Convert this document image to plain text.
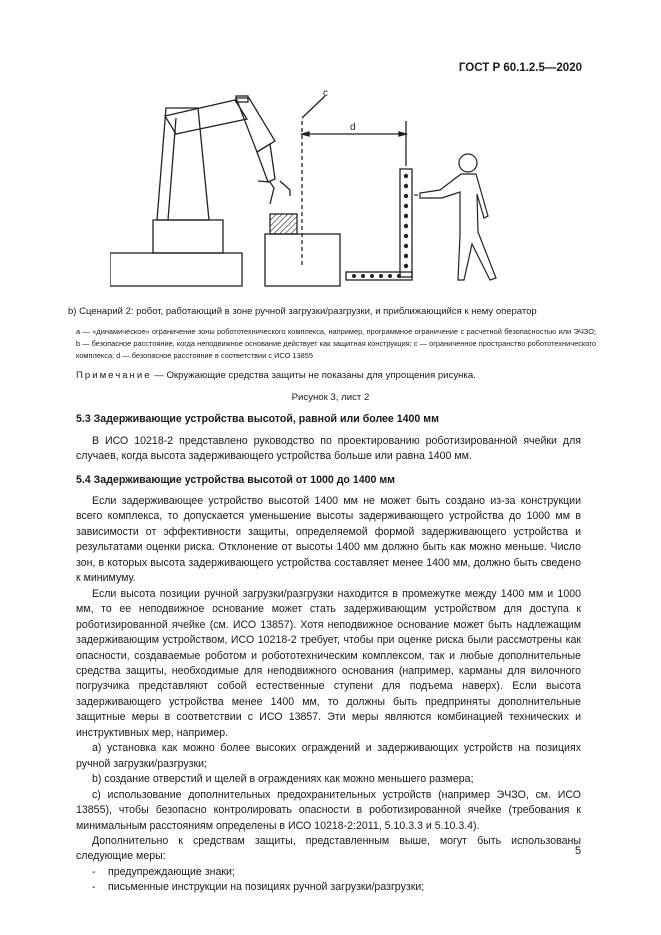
ГОСТ Р 60.1.2.5—2020
c
d
b) Сценарий 2: робот, работающий в зоне ручной загрузки/разгрузки, и приближающийся к нему оператор
a — «динамическое» ограничение зоны робототехнического комплекса, например, программное ограничение с расчетной безопасностью или ЭЧЗО; b — безопасное расстояние, когда неподвижное основание действует как защитная конструкция; c — ограниченное пространство робототехнического комплекса; d — безопасное расстояние в соответствии с ИСО 13855
Примечание — Окружающие средства защиты не показаны для упрощения рисунка.
Рисунок 3, лист 2
5.3 Задерживающие устройства высотой, равной или более 1400 мм

В ИСО 10218-2 представлено руководство по проектированию роботизированной ячейки для случаев, когда высота задерживающего устройства больше или равна 1400 мм.

5.4 Задерживающие устройства высотой от 1000 до 1400 мм

Если задерживающее устройство высотой 1400 мм не может быть создано из-за конструкции всего комплекса, то допускается уменьшение высоты задерживающего устройства до 1000 мм в зависимости от эффективности защиты, определяемой формой задерживающего устройства и результатами оценки риска. Отклонение от высоты 1400 мм должно быть как можно меньше. Число зон, в которых высота задерживающего устройства составляет менее 1400 мм, должно быть сведено к минимуму.

Если высота позиции ручной загрузки/разгрузки находится в промежутке между 1400 мм и 1000 мм, то ее неподвижное основание может стать задерживающим устройством для доступа к роботизированной ячейке (см. ИСО 13857). Хотя неподвижное основание может быть надлежащим задерживающим устройством, ИСО 10218-2 требует, чтобы при оценке риска были рассмотрены как опасности, создаваемые роботом и робототехническим комплексом, так и любые дополнительные средства защиты, необходимые для неподвижного основания (например, карманы для вилочного погрузчика представляют собой естественные ступени для подъема наверх). Если высота задерживающего устройства менее 1400 мм, то должны быть предприняты дополнительные защитные меры в соответствии с ИСО 13857. Эти меры являются комбинацией технических и инструктивных мер, например.

а) установка как можно более высоких ограждений и задерживающих устройств на позициях ручной загрузки/разгрузки;

b) создание отверстий и щелей в ограждениях как можно меньшего размера;

с) использование дополнительных предохранительных устройств (например ЭЧЗО, см. ИСО 13855), чтобы безопасно контролировать опасности в роботизированной ячейке (требования к минимальным расстояниям определены в ИСО 10218-2:2011, 5.10.3.3 и 5.10.3.4).

Дополнительно к средствам защиты, представленным выше, могут быть использованы следующие меры:

- предупреждающие знаки;

- письменные инструкции на позициях ручной загрузки/разгрузки;

5
